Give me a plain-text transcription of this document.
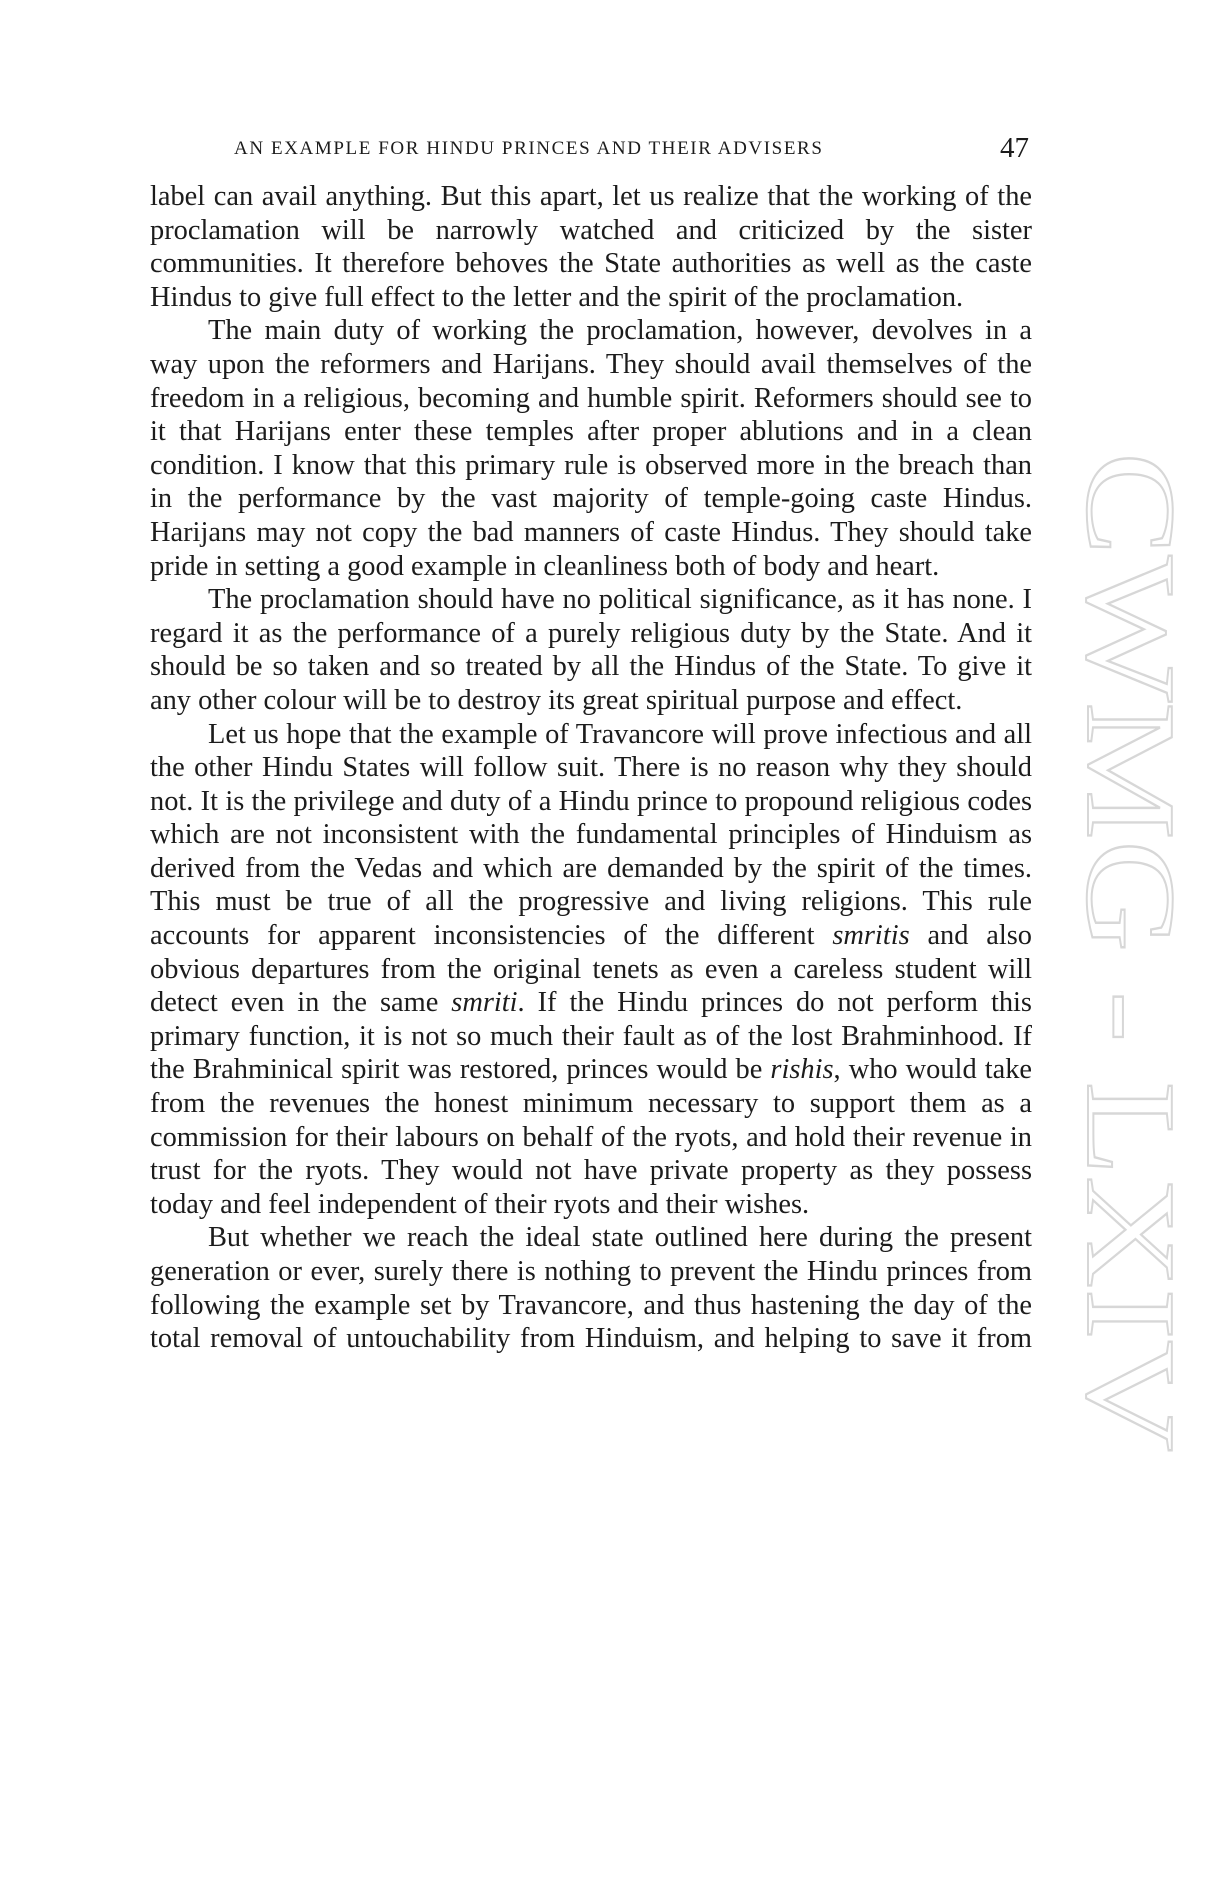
AN EXAMPLE FOR HINDU PRINCES AND THEIR ADVISERS	47
CWMG - LXIV

label can avail anything. But this apart, let us realize that the working of the proclamation will be narrowly watched and criticized by the sister communities. It therefore behoves the State authorities as well as the caste Hindus to give full effect to the letter and the spirit of the proclamation.

The main duty of working the proclamation, however, devolves in a way upon the reformers and Harijans. They should avail themselves of the freedom in a religious, becoming and humble spirit. Reformers should see to it that Harijans enter these temples after proper ablutions and in a clean condition. I know that this primary rule is observed more in the breach than in the performance by the vast majority of temple-going caste Hindus. Harijans may not copy the bad manners of caste Hindus. They should take pride in setting a good example in cleanliness both of body and heart.

The proclamation should have no political significance, as it has none. I regard it as the performance of a purely religious duty by the State. And it should be so taken and so treated by all the Hindus of the State. To give it any other colour will be to destroy its great spiritual purpose and effect.

Let us hope that the example of Travancore will prove infectious and all the other Hindu States will follow suit. There is no reason why they should not. It is the privilege and duty of a Hindu prince to propound religious codes which are not inconsistent with the fundamental principles of Hinduism as derived from the Vedas and which are demanded by the spirit of the times. This must be true of all the progressive and living religions. This rule accounts for apparent inconsistencies of the different smritis and also obvious departures from the original tenets as even a careless student will detect even in the same smriti. If the Hindu princes do not perform this primary function, it is not so much their fault as of the lost Brahminhood. If the Brahminical spirit was restored, princes would be rishis, who would take from the revenues the honest minimum necessary to support them as a commission for their labours on behalf of the ryots, and hold their revenue in trust for the ryots. They would not have private property as they possess today and feel independent of their ryots and their wishes.

But whether we reach the ideal state outlined here during the present generation or ever, surely there is nothing to prevent the Hindu princes from following the example set by Travancore, and thus hastening the day of the total removal of untouchability from Hinduism, and helping to save it from
